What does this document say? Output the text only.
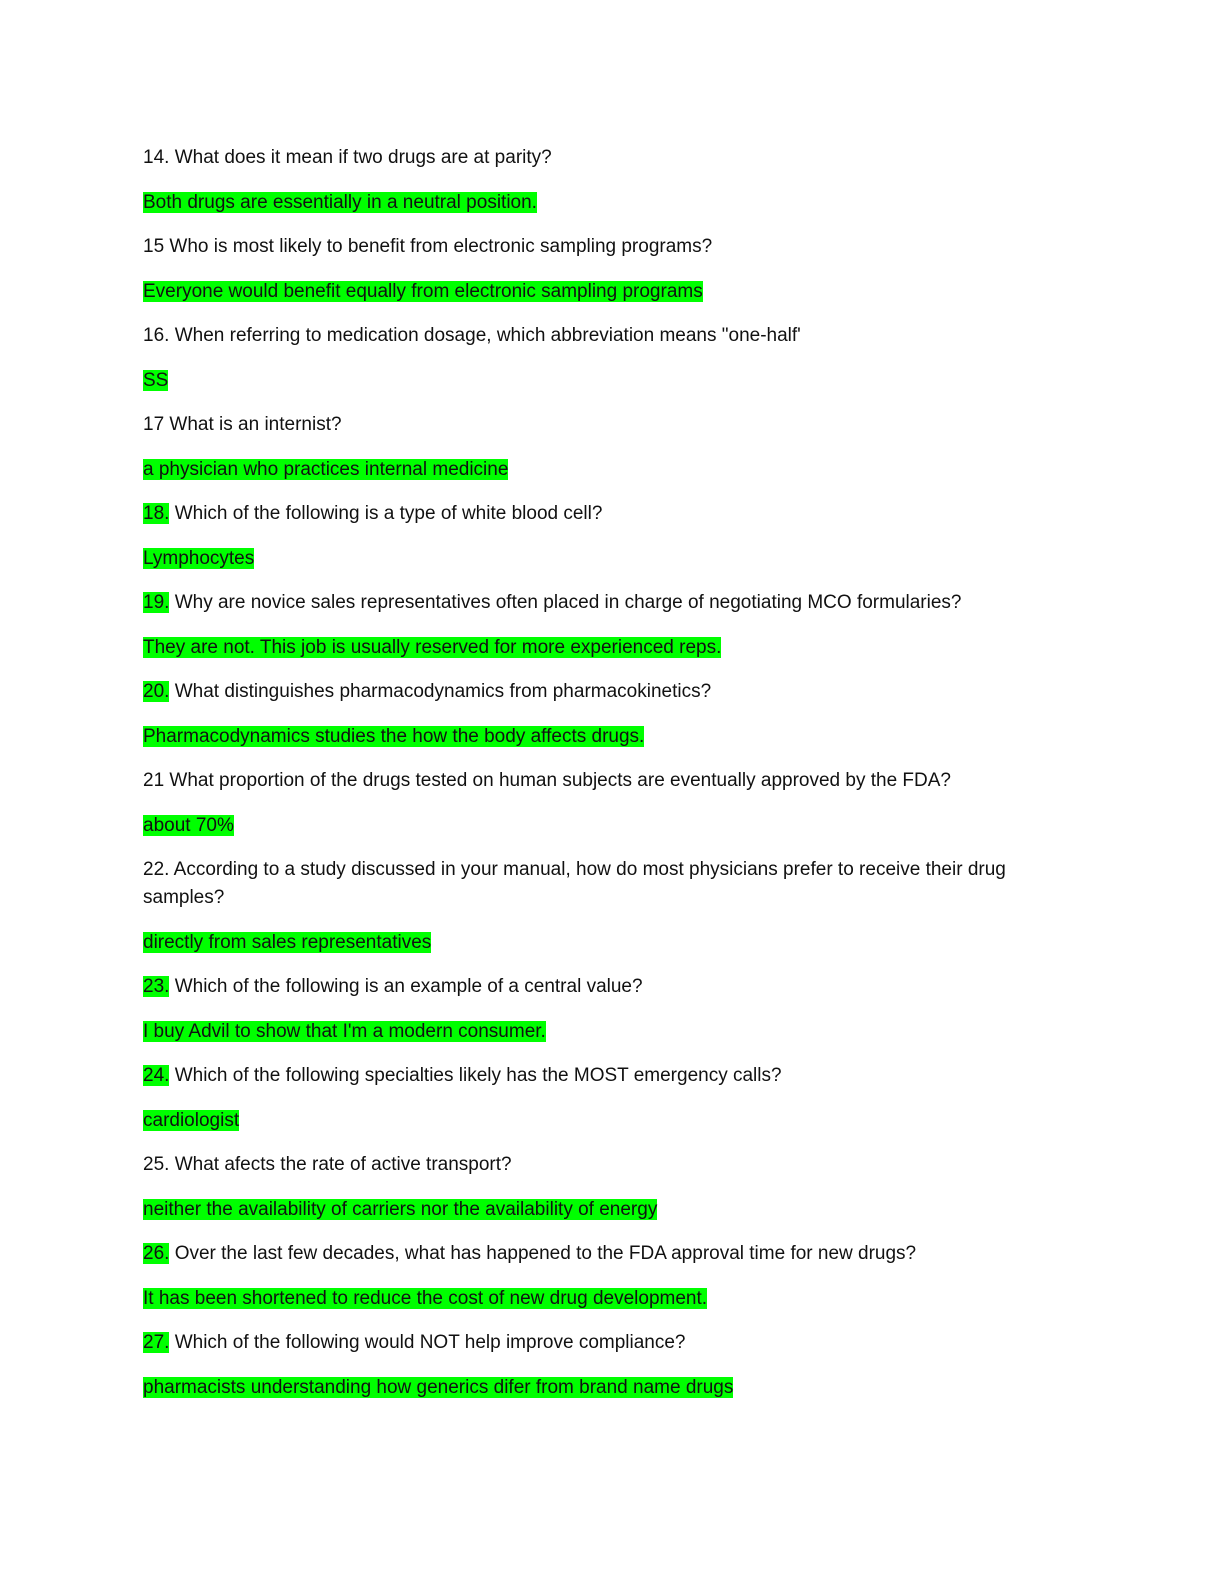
14. What does it mean if two drugs are at parity?

Both drugs are essentially in a neutral position.

15 Who is most likely to benefit from electronic sampling programs?

Everyone would benefit equally from electronic sampling programs

16. When referring to medication dosage, which abbreviation means "one-half'

SS

17 What is an internist?

a physician who practices internal medicine

18. Which of the following is a type of white blood cell?

Lymphocytes

19. Why are novice sales representatives often placed in charge of negotiating MCO formularies?

They are not. This job is usually reserved for more experienced reps.

20. What distinguishes pharmacodynamics from pharmacokinetics?

Pharmacodynamics studies the how the body affects drugs.

21 What proportion of the drugs tested on human subjects are eventually approved by the FDA?

about 70%

22. According to a study discussed in your manual, how do most physicians prefer to receive their drug samples?

directly from sales representatives

23. Which of the following is an example of a central value?

I buy Advil to show that I'm a modern consumer.

24. Which of the following specialties likely has the MOST emergency calls?

cardiologist

25. What afects the rate of active transport?

neither the availability of carriers nor the availability of energy

26. Over the last few decades, what has happened to the FDA approval time for new drugs?

It has been shortened to reduce the cost of new drug development.

27. Which of the following would NOT help improve compliance?

pharmacists understanding how generics difer from brand name drugs
